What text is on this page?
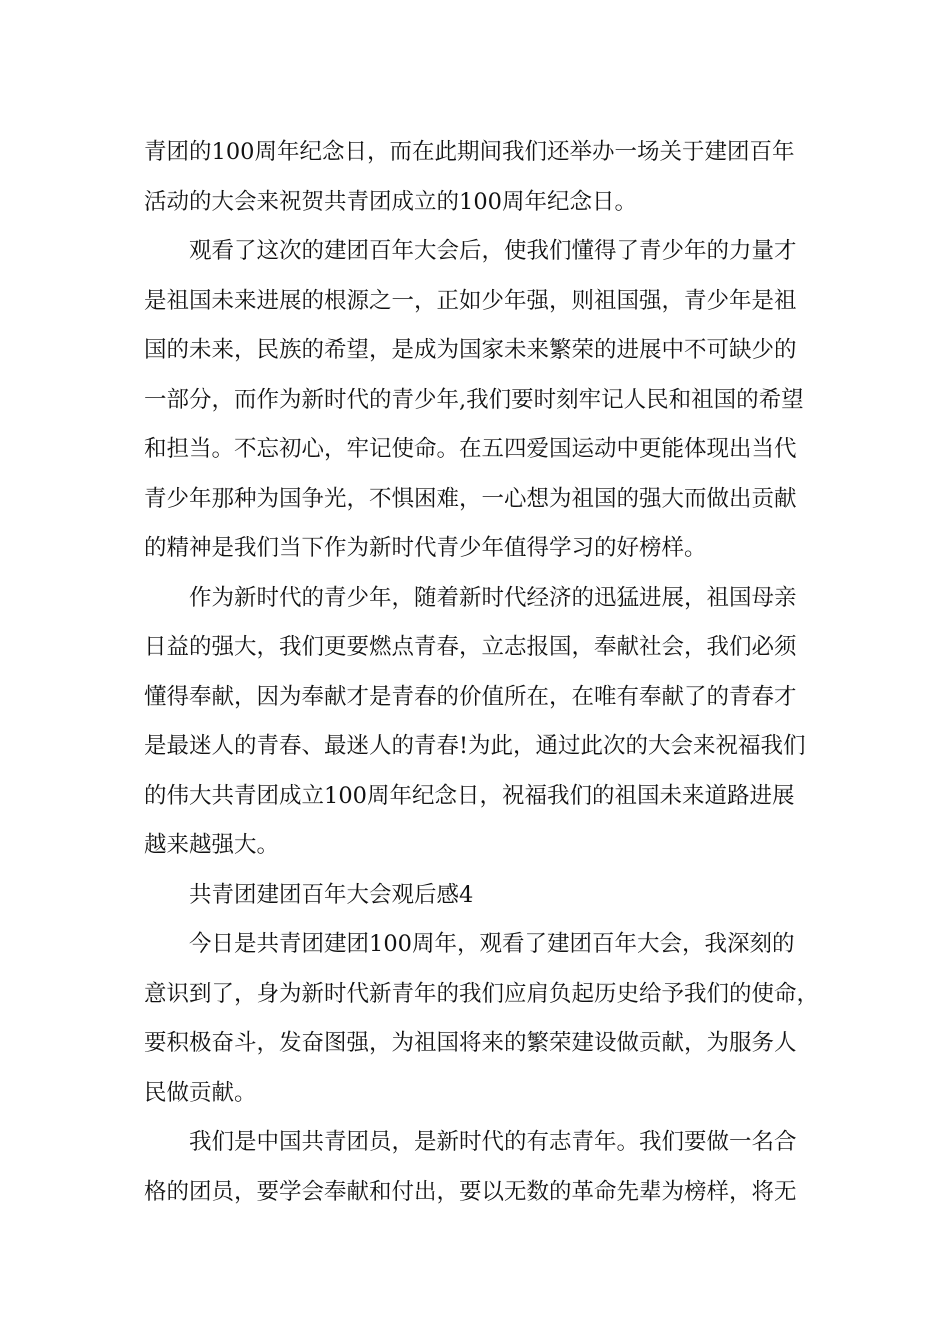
青团的100周年纪念日，而在此期间我们还举办一场关于建团百年
活动的大会来祝贺共青团成立的100周年纪念日。

观看了这次的建团百年大会后，使我们懂得了青少年的力量才
是祖国未来进展的根源之一，正如少年强，则祖国强，青少年是祖
国的未来，民族的希望，是成为国家未来繁荣的进展中不可缺少的
一部分，而作为新时代的青少年,我们要时刻牢记人民和祖国的希望
和担当。不忘初心，牢记使命。在五四爱国运动中更能体现出当代
青少年那种为国争光，不惧困难，一心想为祖国的强大而做出贡献
的精神是我们当下作为新时代青少年值得学习的好榜样。

作为新时代的青少年，随着新时代经济的迅猛进展，祖国母亲
日益的强大，我们更要燃点青春，立志报国，奉献社会，我们必须
懂得奉献，因为奉献才是青春的价值所在，在唯有奉献了的青春才
是最迷人的青春、最迷人的青春!为此，通过此次的大会来祝福我们
的伟大共青团成立100周年纪念日，祝福我们的祖国未来道路进展
越来越强大。

共青团建团百年大会观后感4

今日是共青团建团100周年，观看了建团百年大会，我深刻的
意识到了，身为新时代新青年的我们应肩负起历史给予我们的使命，
要积极奋斗，发奋图强，为祖国将来的繁荣建设做贡献，为服务人
民做贡献。

我们是中国共青团员，是新时代的有志青年。我们要做一名合
格的团员，要学会奉献和付出，要以无数的革命先辈为榜样，将无
